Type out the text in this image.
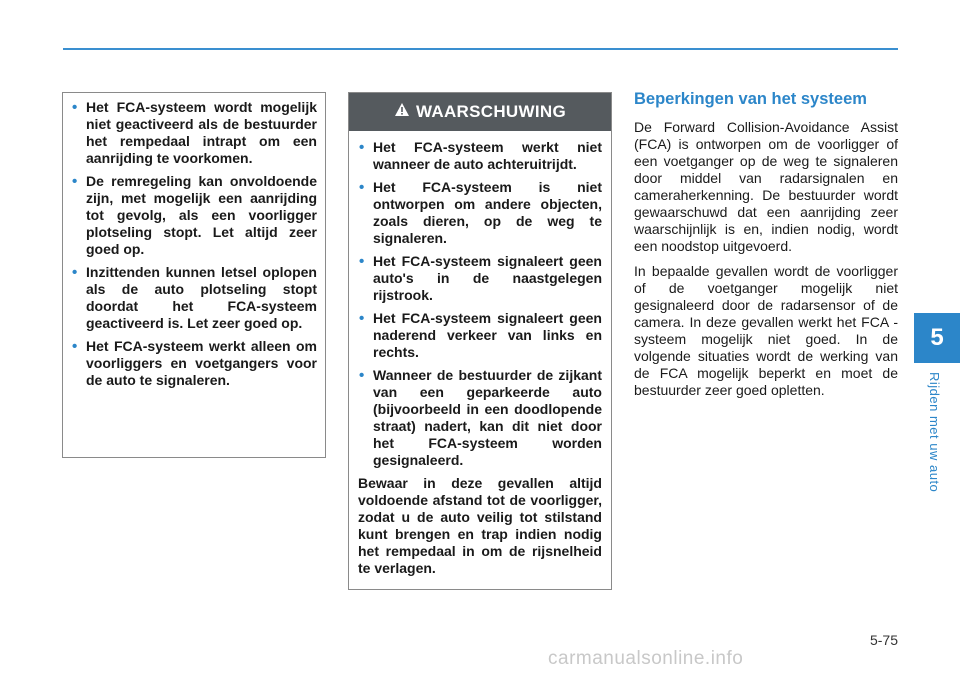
• Het FCA-systeem wordt mogelijk niet geactiveerd als de bestuurder het rempedaal intrapt om een aanrijding te voorkomen.
• De remregeling kan onvoldoende zijn, met mogelijk een aanrijding tot gevolg, als een voorligger plotseling stopt. Let altijd zeer goed op.
• Inzittenden kunnen letsel oplopen als de auto plotseling stopt doordat het FCA-systeem geactiveerd is. Let zeer goed op.
• Het FCA-systeem werkt alleen om voorliggers en voetgangers voor de auto te signaleren.
WAARSCHUWING
• Het FCA-systeem werkt niet wanneer de auto achteruitrijdt.
• Het FCA-systeem is niet ontworpen om andere objecten, zoals dieren, op de weg te signaleren.
• Het FCA-systeem signaleert geen auto's in de naastgelegen rijstrook.
• Het FCA-systeem signaleert geen naderend verkeer van links en rechts.
• Wanneer de bestuurder de zijkant van een geparkeerde auto (bijvoorbeeld in een doodlopende straat) nadert, kan dit niet door het FCA-systeem worden gesignaleerd.

Bewaar in deze gevallen altijd voldoende afstand tot de voorligger, zodat u de auto veilig tot stilstand kunt brengen en trap indien nodig het rempedaal in om de rijsnelheid te verlagen.

Beperkingen van het systeem

De Forward Collision-Avoidance Assist (FCA) is ontworpen om de voorligger of een voetganger op de weg te signaleren door middel van radarsignalen en cameraherkenning. De bestuurder wordt gewaarschuwd dat een aanrijding zeer waarschijnlijk is en, indien nodig, wordt een noodstop uitgevoerd.

In bepaalde gevallen wordt de voorligger of de voetganger mogelijk niet gesignaleerd door de radarsensor of de camera. In deze gevallen werkt het FCA -systeem mogelijk niet goed. In de volgende situaties wordt de werking van de FCA mogelijk beperkt en moet de bestuurder zeer goed opletten.

5
Rijden met uw auto
5-75
carmanualsonline.info
